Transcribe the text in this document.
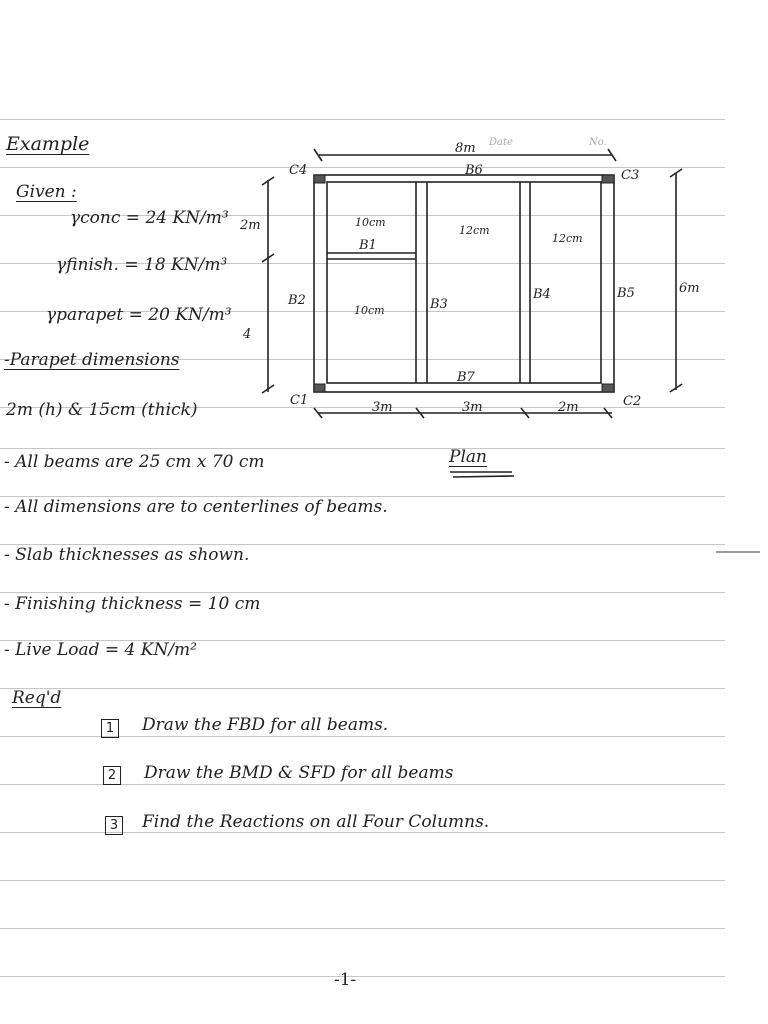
Example
Given :
γconc = 24 KN/m³
γfinish. = 18 KN/m³
γparapet = 20 KN/m³
-Parapet dimensions
2m (h) & 15cm (thick)
- All beams are 25 cm x 70 cm
- All dimensions are to centerlines of beams.
- Slab thicknesses as shown.
- Finishing thickness = 10 cm
- Live Load = 4 KN/m²
Plan
Req'd
1 Draw the FBD for all beams.
2 Draw the BMD & SFD for all beams
3 Find the Reactions on all Four Columns.
-1-
Date	No.
C4	C3
C1	C2
B6
B7
B2	B5
B3
B4
B1
10cm
10cm
12cm
12cm
8m
6m
2m
4
3m	3m	2m
